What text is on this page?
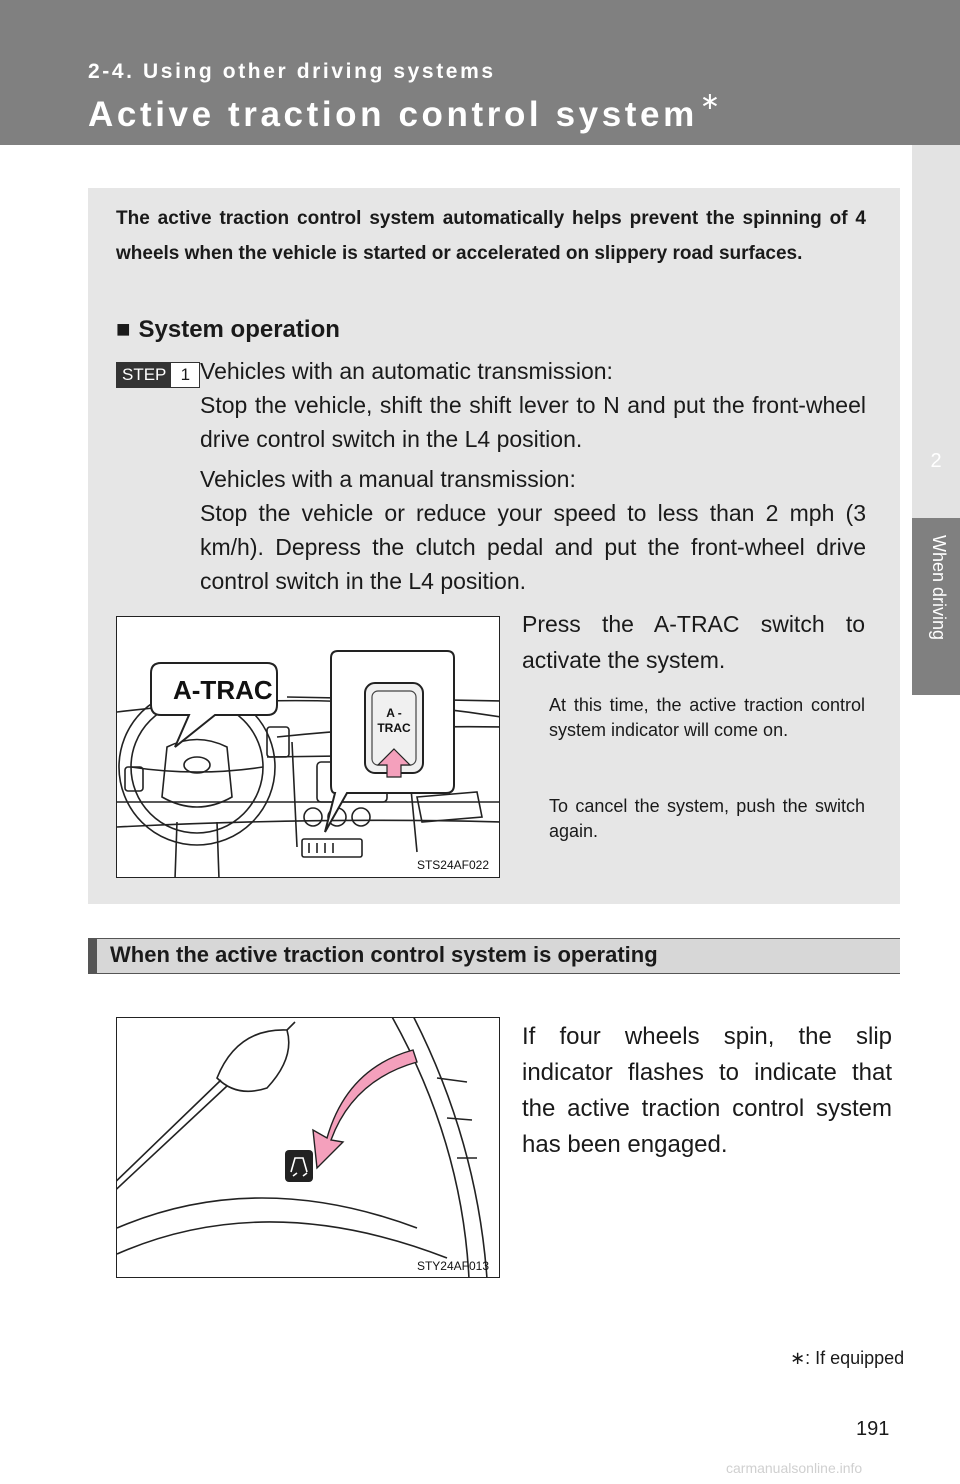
2-4. Using other driving systems
Active traction control system∗
2
When driving
The active traction control system automatically helps prevent the spinning of 4 wheels when the vehicle is started or accelerated on slippery road surfaces.
■ System operation
STEP 1 Vehicles with an automatic transmission:
Stop the vehicle, shift the shift lever to N and put the front-wheel drive control switch in the L4 position.
Vehicles with a manual transmission:
Stop the vehicle or reduce your speed to less than 2 mph (3 km/h). Depress the clutch pedal and put the front-wheel drive control switch in the L4 position.
A-TRAC
A -
TRAC
STS24AF022
Press the A-TRAC switch to activate the system.
At this time, the active traction control system indicator will come on.
To cancel the system, push the switch again.
When the active traction control system is operating
STY24AF013
If four wheels spin, the slip indicator flashes to indicate that the active traction control system has been engaged.
∗: If equipped
191
carmanualsonline.info
